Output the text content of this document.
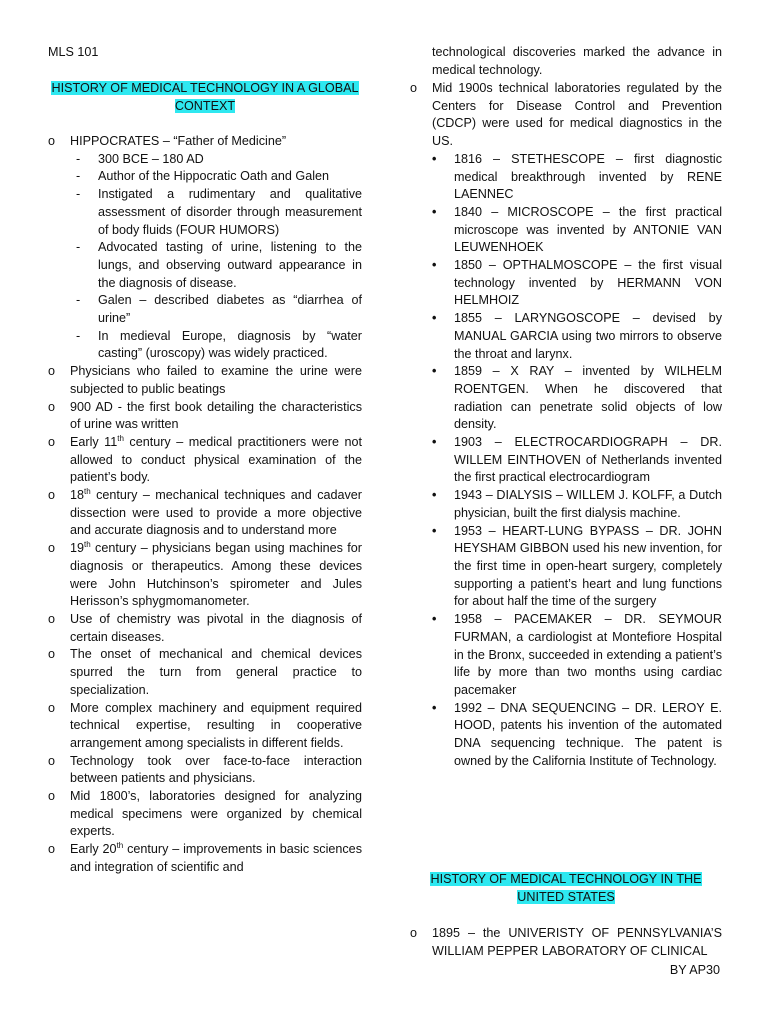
MLS 101
HISTORY OF MEDICAL TECHNOLOGY IN A GLOBAL CONTEXT
o HIPPOCRATES – “Father of Medicine”
- 300 BCE – 180 AD
- Author of the Hippocratic Oath and Galen
- Instigated a rudimentary and qualitative assessment of disorder through measurement of body fluids (FOUR HUMORS)
- Advocated tasting of urine, listening to the lungs, and observing outward appearance in the diagnosis of disease.
- Galen – described diabetes as “diarrhea of urine”
- In medieval Europe, diagnosis by “water casting” (uroscopy) was widely practiced.
o Physicians who failed to examine the urine were subjected to public beatings
o 900 AD - the first book detailing the characteristics of urine was written
o Early 11th century – medical practitioners were not allowed to conduct physical examination of the patient’s body.
o 18th century – mechanical techniques and cadaver dissection were used to provide a more objective and accurate diagnosis and to understand more
o 19th century – physicians began using machines for diagnosis or therapeutics. Among these devices were John Hutchinson’s spirometer and Jules Herisson’s sphygmomanometer.
o Use of chemistry was pivotal in the diagnosis of certain diseases.
o The onset of mechanical and chemical devices spurred the turn from general practice to specialization.
o More complex machinery and equipment required technical expertise, resulting in cooperative arrangement among specialists in different fields.
o Technology took over face-to-face interaction between patients and physicians.
o Mid 1800’s, laboratories designed for analyzing medical specimens were organized by chemical experts.
o Early 20th century – improvements in basic sciences and integration of scientific and
technological discoveries marked the advance in medical technology.
o Mid 1900s technical laboratories regulated by the Centers for Disease Control and Prevention (CDCP) were used for medical diagnostics in the US.
• 1816 – STETHESCOPE – first diagnostic medical breakthrough invented by RENE LAENNEC
• 1840 – MICROSCOPE – the first practical microscope was invented by ANTONIE VAN LEUWENHOEK
• 1850 – OPTHALMOSCOPE – the first visual technology invented by HERMANN VON HELMHOIZ
• 1855 – LARYNGOSCOPE – devised by MANUAL GARCIA using two mirrors to observe the throat and larynx.
• 1859 – X RAY – invented by WILHELM ROENTGEN. When he discovered that radiation can penetrate solid objects of low density.
• 1903 – ELECTROCARDIOGRAPH – DR. WILLEM EINTHOVEN of Netherlands invented the first practical electrocardiogram
• 1943 – DIALYSIS – WILLEM J. KOLFF, a Dutch physician, built the first dialysis machine.
• 1953 – HEART-LUNG BYPASS – DR. JOHN HEYSHAM GIBBON used his new invention, for the first time in open-heart surgery, completely supporting a patient’s heart and lung functions for about half the time of the surgery
• 1958 – PACEMAKER – DR. SEYMOUR FURMAN, a cardiologist at Montefiore Hospital in the Bronx, succeeded in extending a patient’s life by more than two months using cardiac pacemaker
• 1992 – DNA SEQUENCING – DR. LEROY E. HOOD, patents his invention of the automated DNA sequencing technique. The patent is owned by the California Institute of Technology.
HISTORY OF MEDICAL TECHNOLOGY IN THE UNITED STATES
o 1895 – the UNIVERISTY OF PENNSYLVANIA’S WILLIAM PEPPER LABORATORY OF CLINICAL
BY AP30
